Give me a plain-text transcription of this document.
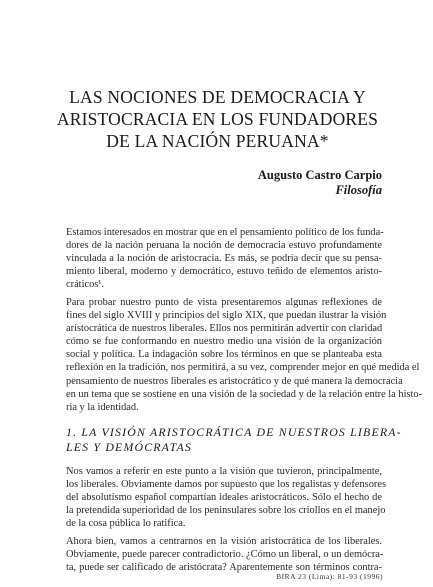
LAS NOCIONES DE DEMOCRACIA Y
ARISTOCRACIA EN LOS FUNDADORES
DE LA NACIÓN PERUANA*
Augusto Castro Carpio
Filosofía
Estamos interesados en mostrar que en el pensamiento político de los funda-
dores de la nación peruana la noción de democracia estuvo profundamente
vinculada a la noción de aristocracia. Es más, se podría decir que su pensa-
miento liberal, moderno y democrático, estuvo teñido de elementos aristo-
cráticos¹.
Para probar nuestro punto de vista presentaremos algunas reflexiones de
fines del siglo XVIII y principios del siglo XIX, que puedan ilustrar la visión
aristocrática de nuestros liberales. Ellos nos permitirán advertir con claridad
cómo se fue conformando en nuestro medio una visión de la organización
social y política. La indagación sobre los términos en que se planteaba esta
reflexión en la tradición, nos permitirá, a su vez, comprender mejor en qué medida el
pensamiento de nuestros liberales es aristocrático y de qué manera la democracia
en un tema que se sostiene en una visión de la sociedad y de la relación entre la histo-
ria y la identidad.
1. LA VISIÓN ARISTOCRÁTICA DE NUESTROS LIBERA-
LES Y DEMÓCRATAS
Nos vamos a referir en este punto a la visión que tuvieron, principalmente,
los liberales. Obviamente damos por supuesto que los regalistas y defensores
del absolutismo español compartían ideales aristocráticos. Sólo el hecho de
la pretendida superioridad de los peninsulares sobre los criollos en el manejo
de la cosa pública lo ratifica.
Ahora bien, vamos a centrarnos en la visión aristocrática de los liberales.
Obviamente, puede parecer contradictorio. ¿Cómo un liberal, o un demócra-
ta, puede ser calificado de aristócrata? Aparentemente son términos contra-
BIRA 23 (Lima): 81-93 (1996)
